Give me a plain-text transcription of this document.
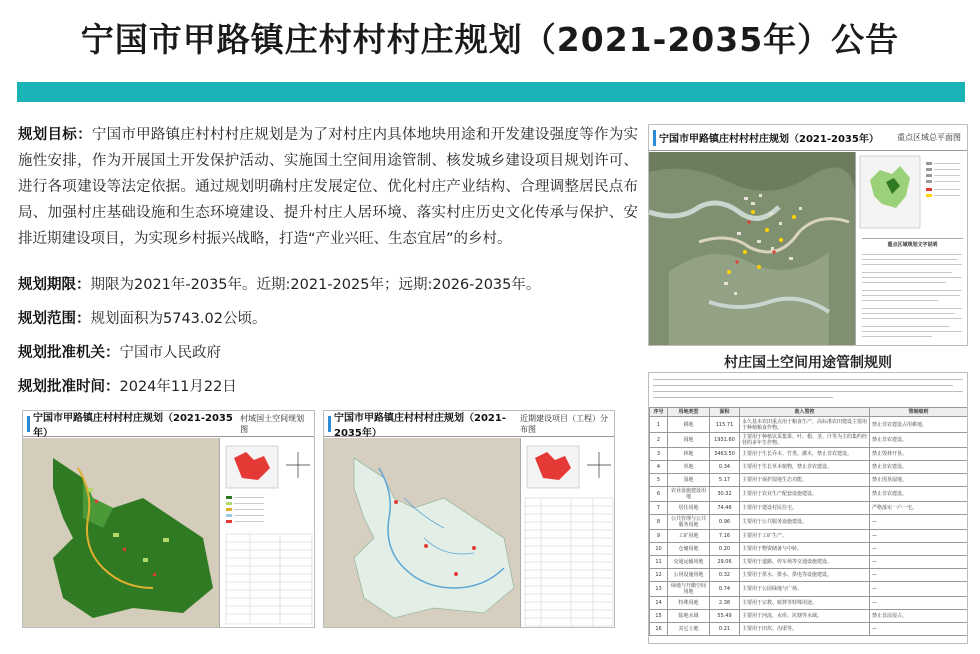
宁国市甲路镇庄村村村庄规划（2021-2035年）公告

规划目标：宁国市甲路镇庄村村村庄规划是为了对村庄内具体地块用途和开发建设强度等作为实施性安排，作为开展国土开发保护活动、实施国土空间用途管制、核发城乡建设项目规划许可、进行各项建设等法定依据。通过规划明确村庄发展定位、优化村庄产业结构、合理调整居民点布局、加强村庄基础设施和生态环境建设、提升村庄人居环境、落实村庄历史文化传承与保护、安排近期建设项目，为实现乡村振兴战略，打造“产业兴旺、生态宜居”的乡村。

规划期限：期限为2021年-2035年。近期:2021-2025年；远期:2026-2035年。

规划范围：规划面积为5743.02公顷。

规划批准机关：宁国市人民政府

规划批准时间：2024年11月22日

宁国市甲路镇庄村村村庄规划（2021-2035年） 重点区域总平面图
重点区域规划文字说明
宁国市甲路镇庄村村村庄规划（2021-2035年）
村域国土空间规划图
宁国市甲路镇庄村村村庄规划（2021-2035年）
近期建设项目（工程）分布图
村庄国土空间用途管制规则
序号	用地类型	面积	准入管控	管制细则
1	耕地	115.71	永久基本农田重点用于粮食生产，高标准农田建设主要用于种植粮食作物。	禁止非农建设占用耕地。
2	园地	1931.60	主要用于种植以采集果、叶、根、茎、汁等为主的集约经营的多年生作物。	禁止非农建设。
3	林地	3463.50	主要用于生长乔木、竹类、灌木，禁止非农建设。	禁止毁林开垦。
4	草地	0.34	主要用于生长草本植物，禁止非农建设。	禁止非农建设。
5	湿地	5.17	主要用于保护湿地生态功能。	禁止围垦湿地。
6	农业设施建设用地	30.32	主要用于农业生产配套设施建设。	禁止非农建设。
7	居住用地	74.46	主要用于建设村民住宅。	严格落实一户一宅。
8	公共管理与公共服务用地	0.96	主要用于公共服务设施建设。	—
9	工矿用地	7.16	主要用于工矿生产。	—
10	仓储用地	0.20	主要用于物资储备与中转。	—
11	交通运输用地	29.06	主要用于道路、停车场等交通设施建设。	—
12	公用设施用地	0.32	主要用于供水、排水、供电等设施建设。	—
13	绿地与开敞空间用地	0.74	主要用于公园绿地与广场。	—
14	特殊用地	2.38	主要用于宗教、殡葬等特殊用途。	—
15	陆地水域	55.49	主要用于河流、水库、坑塘等水域。	禁止非法侵占。
16	其它土地	0.21	主要用于田坎、沟渠等。	—
